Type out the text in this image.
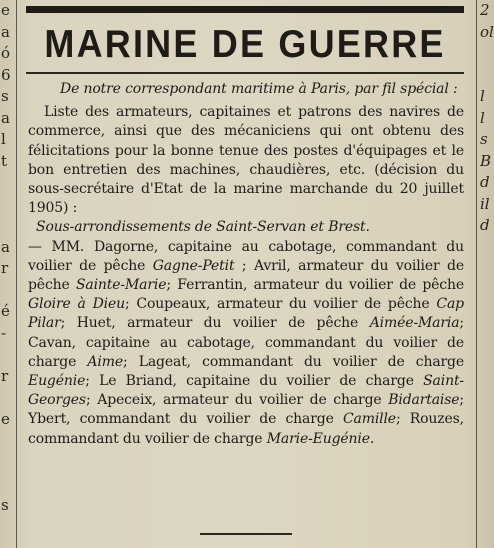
e
a
ó
6
s
a
l
t
a
r
é
-
r
e
s
2
ol
l
l
s
B
d
il
d
MARINE DE GUERRE

De notre correspondant maritime à Paris, par fil spécial :

Liste des armateurs, capitaines et patrons des navires de commerce, ainsi que des mécaniciens qui ont obtenu des félicitations pour la bonne tenue des postes d'équipages et le bon entretien des machines, chaudières, etc. (décision du sous-secrétaire d'Etat de la marine marchande du 20 juillet 1905) :

Sous-arrondissements de Saint-Servan et Brest.

— MM. Dagorne, capitaine au cabotage, commandant du voilier de pêche Gagne-Petit ; Avril, armateur du voilier de pêche Sainte-Marie; Ferrantin, armateur du voilier de pêche Gloire à Dieu; Coupeaux, armateur du voilier de pêche Cap Pilar; Huet, armateur du voilier de pêche Aimée-Maria; Cavan, capitaine au cabotage, commandant du voilier de charge Aime; Lageat, commandant du voilier de charge Eugénie; Le Briand, capitaine du voilier de charge Saint-Georges; Apeceix, armateur du voilier de charge Bidartaise; Ybert, commandant du voilier de charge Camille; Rouzes, commandant du voilier de charge Marie-Eugénie.
